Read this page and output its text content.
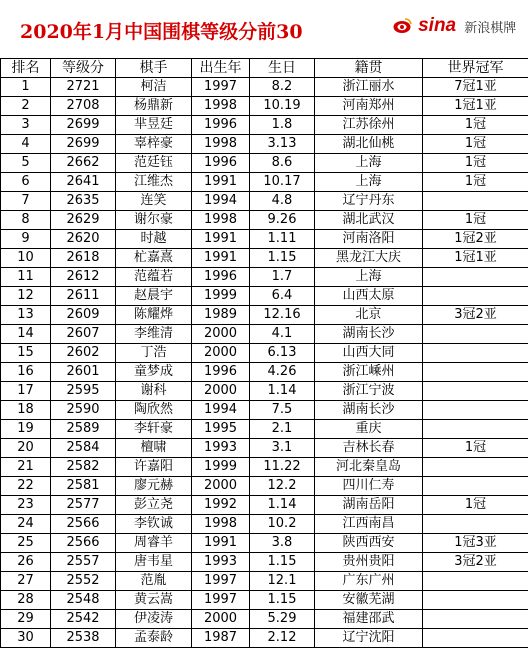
2020年1月中国围棋等级分前30	sina 新浪棋牌
排名	等级分	棋手	出生年	生日	籍贯	世界冠军
1	2721	柯洁	1997	8.2	浙江丽水	7冠1亚
2	2708	杨鼎新	1998	10.19	河南郑州	1冠1亚
3	2699	芈昱廷	1996	1.8	江苏徐州	1冠
4	2699	辜梓豪	1998	3.13	湖北仙桃	1冠
5	2662	范廷钰	1996	8.6	上海	1冠
6	2641	江维杰	1991	10.17	上海	1冠
7	2635	连笑	1994	4.8	辽宁丹东	
8	2629	谢尔豪	1998	9.26	湖北武汉	1冠
9	2620	时越	1991	1.11	河南洛阳	1冠2亚
10	2618	杧嘉熹	1991	1.15	黑龙江大庆	1冠1亚
11	2612	范蕴若	1996	1.7	上海	
12	2611	赵晨宇	1999	6.4	山西太原	
13	2609	陈耀烨	1989	12.16	北京	3冠2亚
14	2607	李维清	2000	4.1	湖南长沙	
15	2602	丁浩	2000	6.13	山西大同	
16	2601	童梦成	1996	4.26	浙江嵊州	
17	2595	谢科	2000	1.14	浙江宁波	
18	2590	陶欣然	1994	7.5	湖南长沙	
19	2589	李轩豪	1995	2.1	重庆	
20	2584	檀啸	1993	3.1	吉林长春	1冠
21	2582	许嘉阳	1999	11.22	河北秦皇岛	
22	2581	廖元赫	2000	12.2	四川仁寿	
23	2577	彭立尧	1992	1.14	湖南岳阳	1冠
24	2566	李钦诚	1998	10.2	江西南昌	
25	2566	周睿羊	1991	3.8	陕西西安	1冠3亚
26	2557	唐韦星	1993	1.15	贵州贵阳	3冠2亚
27	2552	范胤	1997	12.1	广东广州	
28	2548	黄云嵩	1997	1.15	安徽芜湖	
29	2542	伊凌涛	2000	5.29	福建邵武	
30	2538	孟泰龄	1987	2.12	辽宁沈阳	
